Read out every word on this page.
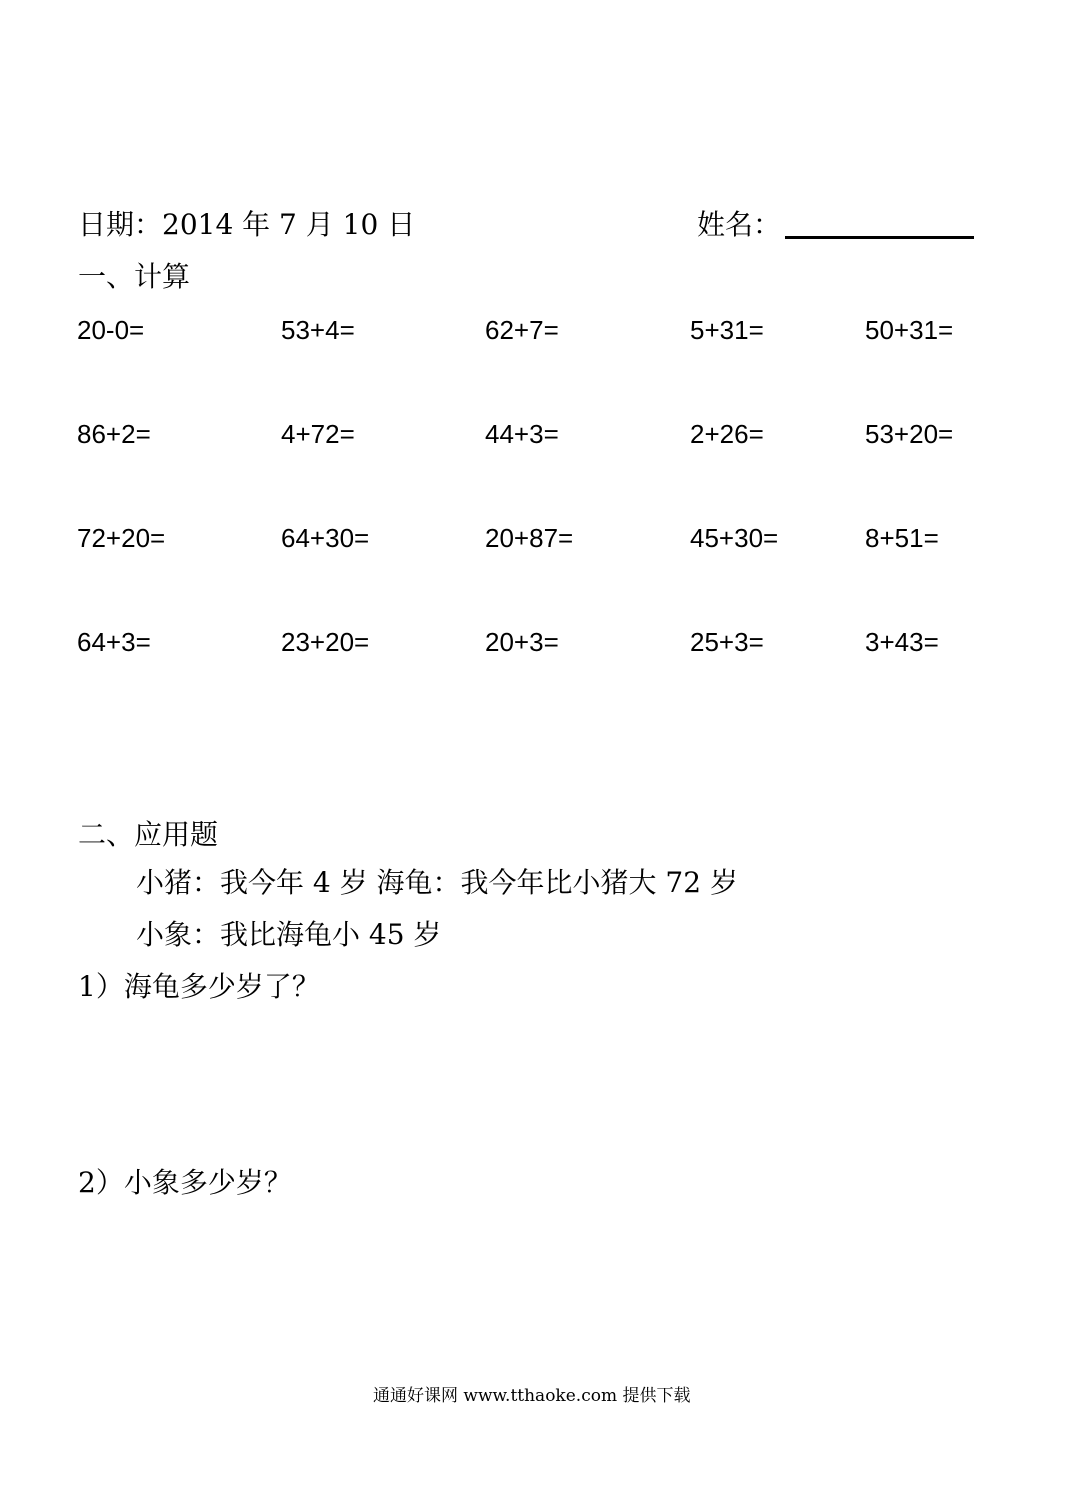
日期：2014 年 7 月 10 日	姓名：
一、计算
20-0=	53+4=	62+7=	5+31=	50+31=
86+2=	4+72=	44+3=	2+26=	53+20=
72+20=	64+30=	20+87=	45+30=	8+51=
64+3=	23+20=	20+3=	25+3=	3+43=
二、应用题
小猪：我今年 4 岁 海龟：我今年比小猪大 72 岁
小象：我比海龟小 45 岁
1）海龟多少岁了？
2）小象多少岁？
通通好课网 www.tthaoke.com 提供下载
